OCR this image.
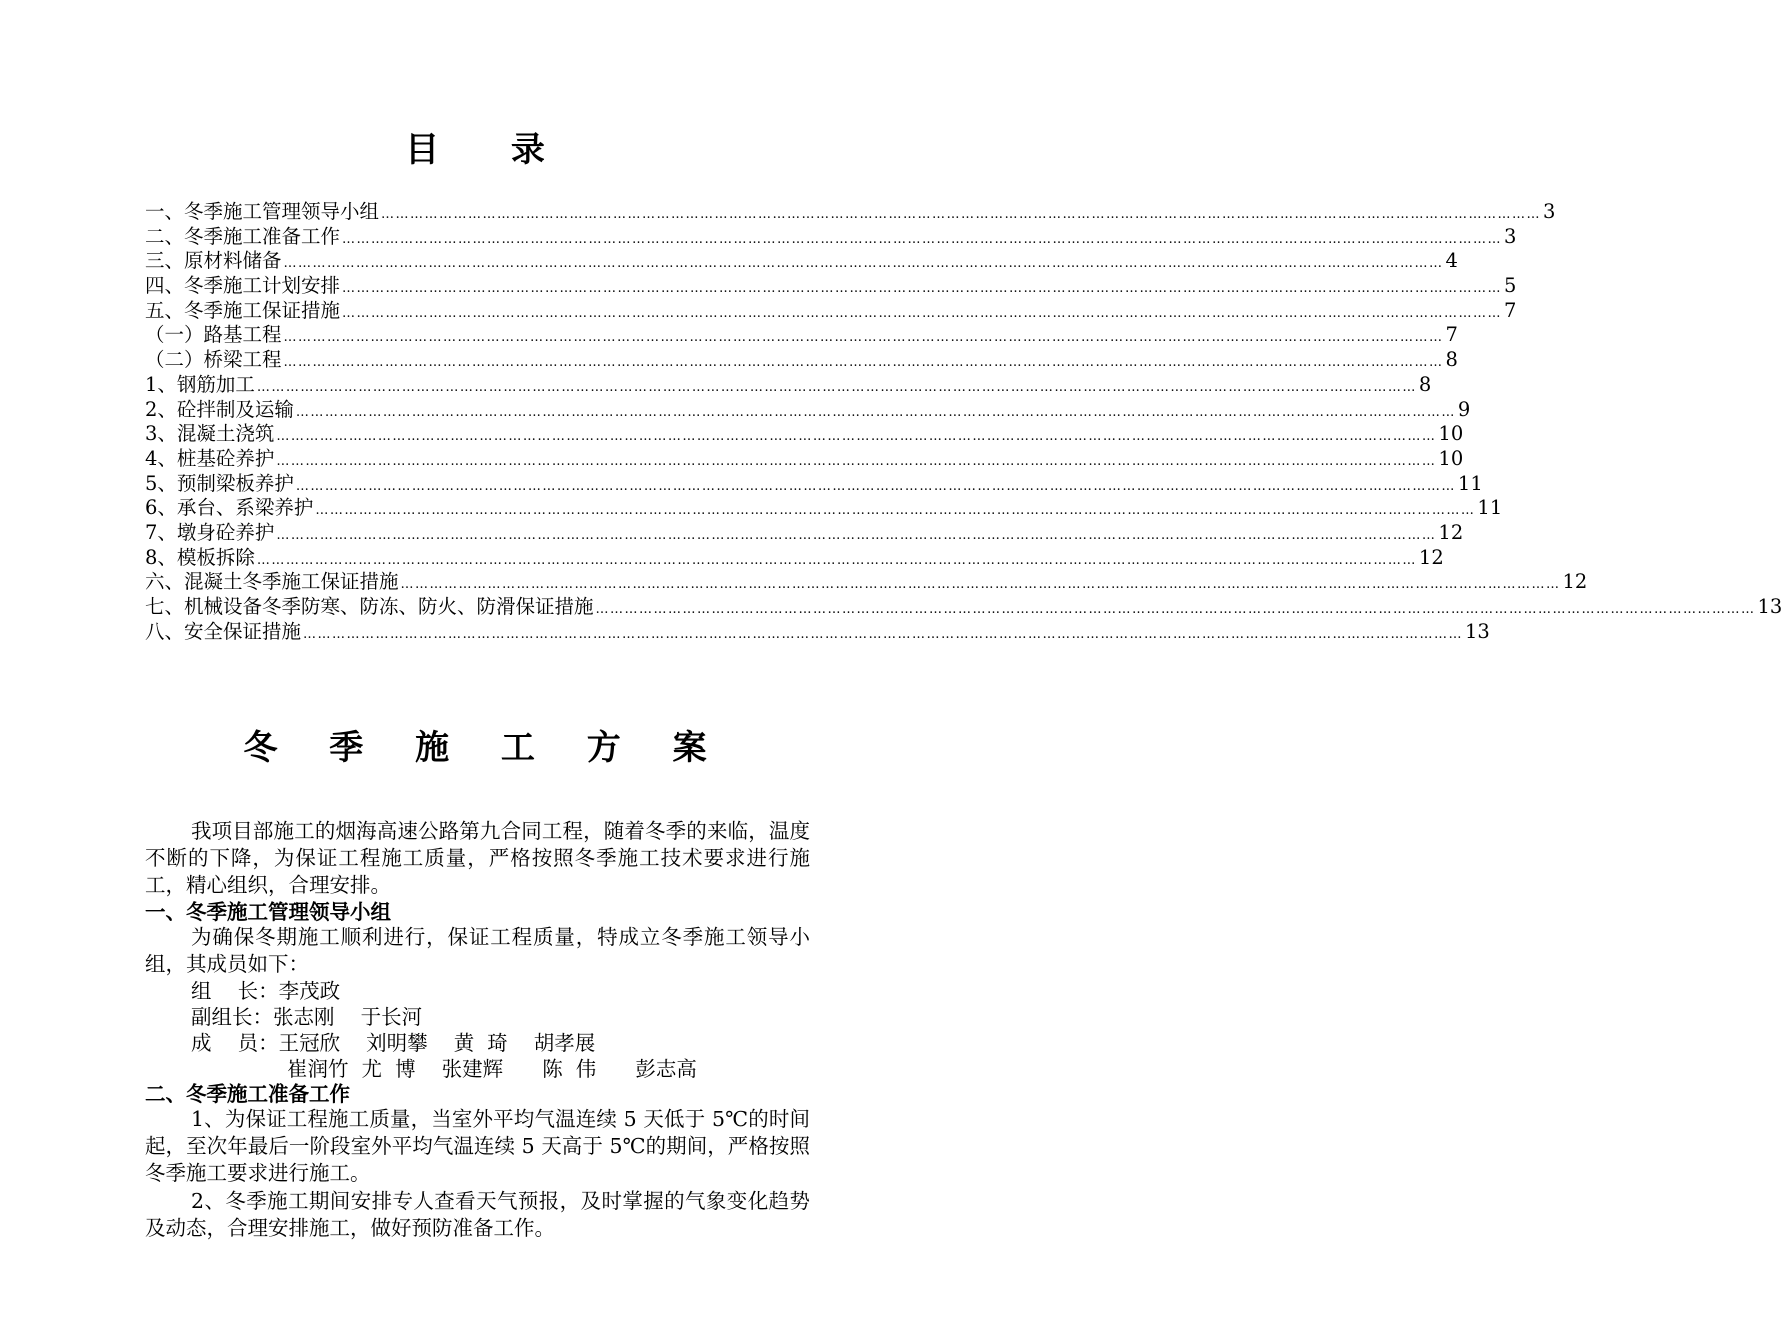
目 录
一、冬季施工管理领导小组 …………………………………………………………………………………………………………………………………………………………………………………………………………………… 3
二、冬季施工准备工作 …………………………………………………………………………………………………………………………………………………………………………………………………………………… 3
三、原材料储备 …………………………………………………………………………………………………………………………………………………………………………………………………………………… 4
四、冬季施工计划安排 …………………………………………………………………………………………………………………………………………………………………………………………………………………… 5
五、冬季施工保证措施 …………………………………………………………………………………………………………………………………………………………………………………………………………………… 7
（一）路基工程 …………………………………………………………………………………………………………………………………………………………………………………………………………………… 7
（二）桥梁工程 …………………………………………………………………………………………………………………………………………………………………………………………………………………… 8
1、钢筋加工 …………………………………………………………………………………………………………………………………………………………………………………………………………………… 8
2、砼拌制及运输 …………………………………………………………………………………………………………………………………………………………………………………………………………………… 9
3、混凝土浇筑 …………………………………………………………………………………………………………………………………………………………………………………………………………………… 10
4、桩基砼养护 …………………………………………………………………………………………………………………………………………………………………………………………………………………… 10
5、预制梁板养护 …………………………………………………………………………………………………………………………………………………………………………………………………………………… 11
6、承台、系梁养护 …………………………………………………………………………………………………………………………………………………………………………………………………………………… 11
7、墩身砼养护 …………………………………………………………………………………………………………………………………………………………………………………………………………………… 12
8、模板拆除 …………………………………………………………………………………………………………………………………………………………………………………………………………………… 12
六、混凝土冬季施工保证措施 …………………………………………………………………………………………………………………………………………………………………………………………………………………… 12
七、机械设备冬季防寒、防冻、防火、防滑保证措施 …………………………………………………………………………………………………………………………………………………………………………………………………………………… 13
八、安全保证措施 …………………………………………………………………………………………………………………………………………………………………………………………………………………… 13
冬 季 施 工 方 案

我项目部施工的烟海高速公路第九合同工程，随着冬季的来临，温度不断的下降，为保证工程施工质量，严格按照冬季施工技术要求进行施工，精心组织，合理安排。

一、冬季施工管理领导小组

为确保冬期施工顺利进行，保证工程质量，特成立冬季施工领导小组，其成员如下：

组    长：李茂政

副组长：张志刚    于长河

成    员：王冠欣    刘明攀    黄  琦    胡孝展

崔润竹  尤  博    张建辉      陈  伟      彭志高

二、冬季施工准备工作

1、为保证工程施工质量，当室外平均气温连续 5 天低于 5℃的时间起，至次年最后一阶段室外平均气温连续 5 天高于 5℃的期间，严格按照冬季施工要求进行施工。

2、冬季施工期间安排专人查看天气预报，及时掌握的气象变化趋势及动态，合理安排施工，做好预防准备工作。
